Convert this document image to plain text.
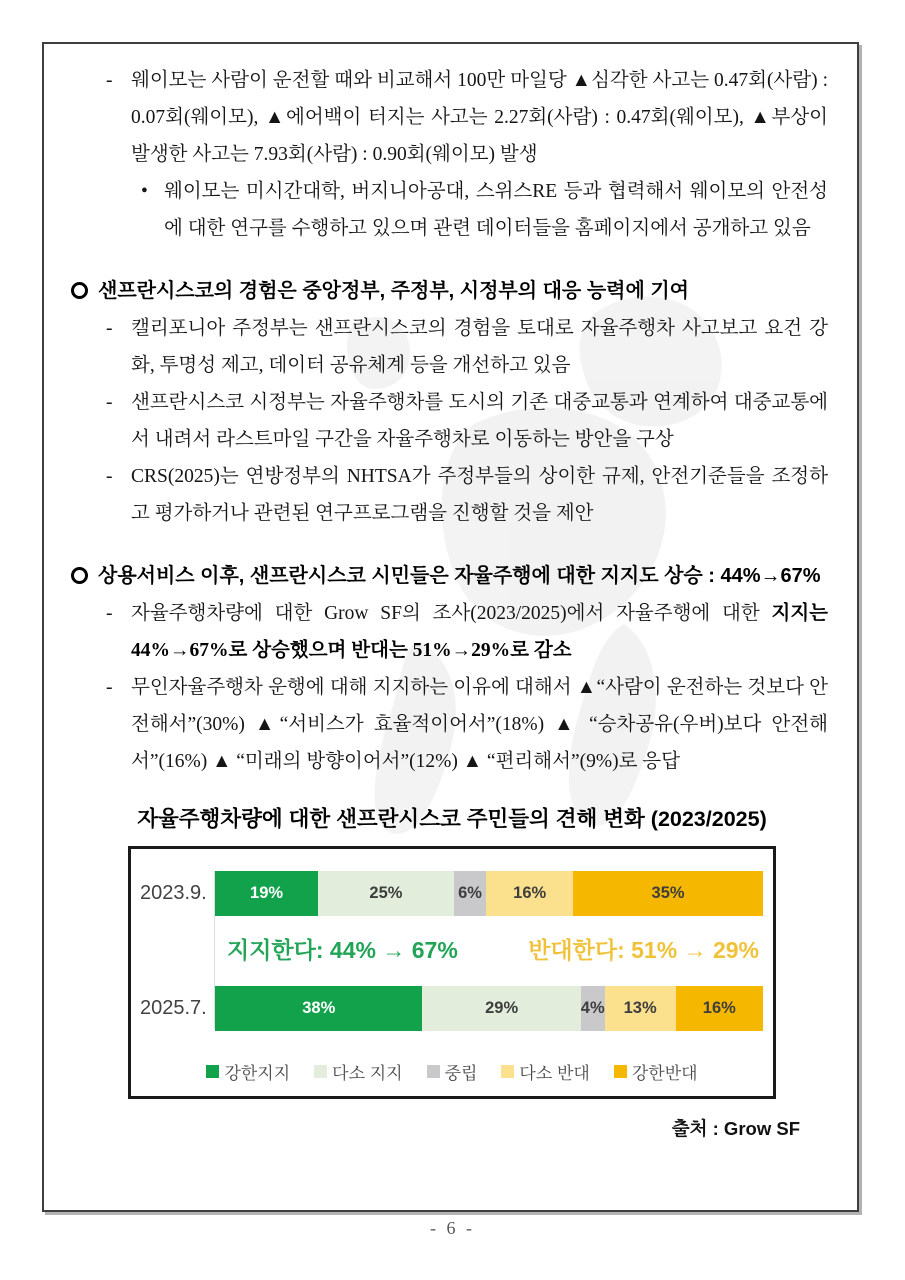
- 웨이모는 사람이 운전할 때와 비교해서 100만 마일당 ▲심각한 사고는 0.47회(사람) : 0.07회(웨이모), ▲에어백이 터지는 사고는 2.27회(사람) : 0.47회(웨이모), ▲부상이 발생한 사고는 7.93회(사람) : 0.90회(웨이모) 발생

• 웨이모는 미시간대학, 버지니아공대, 스위스RE 등과 협력해서 웨이모의 안전성에 대한 연구를 수행하고 있으며 관련 데이터들을 홈페이지에서 공개하고 있음

샌프란시스코의 경험은 중앙정부, 주정부, 시정부의 대응 능력에 기여

- 캘리포니아 주정부는 샌프란시스코의 경험을 토대로 자율주행차 사고보고 요건 강화, 투명성 제고, 데이터 공유체계 등을 개선하고 있음

- 샌프란시스코 시정부는 자율주행차를 도시의 기존 대중교통과 연계하여 대중교통에서 내려서 라스트마일 구간을 자율주행차로 이동하는 방안을 구상

- CRS(2025)는 연방정부의 NHTSA가 주정부들의 상이한 규제, 안전기준들을 조정하고 평가하거나 관련된 연구프로그램을 진행할 것을 제안

상용서비스 이후, 샌프란시스코 시민들은 자율주행에 대한 지지도 상승 : 44%→67%

- 자율주행차량에 대한 Grow SF의 조사(2023/2025)에서 자율주행에 대한 지지는 44%→67%로 상승했으며 반대는 51%→29%로 감소

- 무인자율주행차 운행에 대해 지지하는 이유에 대해서 ▲“사람이 운전하는 것보다 안전해서”(30%) ▲“서비스가 효율적이어서”(18%) ▲ “승차공유(우버)보다 안전해서”(16%) ▲ “미래의 방향이어서”(12%) ▲ “편리해서”(9%)로 응답

자율주행차량에 대한 샌프란시스코 주민들의 견해 변화 (2023/2025)
2023.9.
2025.7.
19%	25%	6%	16%	35%
지지한다: 44% → 67%	반대한다: 51% → 29%
38%	29%	4%	13%	16%
강한지지 다소 지지 중립 다소 반대 강한반대
출처 : Grow SF
- 6 -
